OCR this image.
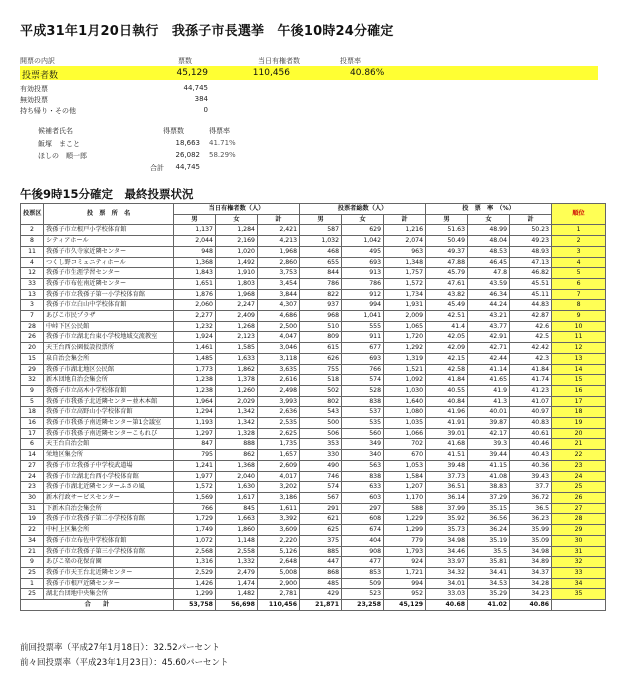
平成31年1月20日執行　我孫子市長選挙　午後10時24分確定
開票の内訳	票数	当日有権者数	投票率
投票者数	45,129	110,456	40.86%
有効投票	44,745
無効投票	384
持ち帰り・その他	0
候補者氏名	得票数	得票率
飯塚　まこと	18,663 41.71%
ほしの　順一郎	26,082 58.29%
合計	44,745
午後9時15分確定　最終投票状況
投票区	投　票　所　名	当日有権者数（人）			投票者総数（人）			投　票　率　（%）			順位
		男	女	計	男	女	計	男	女	計	
2	我孫子市立根戸小学校体育館	1,137	1,284	2,421	587	629	1,216	51.63	48.99	50.23	1
8	シティアホール	2,044	2,169	4,213	1,032	1,042	2,074	50.49	48.04	49.23	2
11	我孫子市久寺家近隣センター	948	1,020	1,968	468	495	963	49.37	48.53	48.93	3
4	つくし野コミュニティホール	1,368	1,492	2,860	655	693	1,348	47.88	46.45	47.13	4
12	我孫子市生涯学習センター	1,843	1,910	3,753	844	913	1,757	45.79	47.8	46.82	5
33	我孫子市布佐南近隣センター	1,651	1,803	3,454	786	786	1,572	47.61	43.59	45.51	6
13	我孫子市立我孫子第一小学校体育館	1,876	1,968	3,844	822	912	1,734	43.82	46.34	45.11	7
3	我孫子市立白山中学校体育館	2,060	2,247	4,307	937	994	1,931	45.49	44.24	44.83	8
7	あびこ市民プラザ	2,277	2,409	4,686	968	1,041	2,009	42.51	43.21	42.87	9
28	中峠下区公民館	1,232	1,268	2,500	510	555	1,065	41.4	43.77	42.6	10
26	我孫子市立湖北台東小学校地域交流教室	1,924	2,123	4,047	809	911	1,720	42.05	42.91	42.5	11
20	天王台西公園仮設投票所	1,461	1,585	3,046	615	677	1,292	42.09	42.71	42.42	12
15	泉自治会集会所	1,485	1,633	3,118	626	693	1,319	42.15	42.44	42.3	13
29	我孫子市湖北地区公民館	1,773	1,862	3,635	755	766	1,521	42.58	41.14	41.84	14
32	新木団地自治会集会所	1,238	1,378	2,616	518	574	1,092	41.84	41.65	41.74	15
9	我孫子市立高木小学校体育館	1,238	1,260	2,498	502	528	1,030	40.55	41.9	41.23	16
5	我孫子市我孫子北近隣センター並木本館	1,964	2,029	3,993	802	838	1,640	40.84	41.3	41.07	17
18	我孫子市立高野山小学校体育館	1,294	1,342	2,636	543	537	1,080	41.96	40.01	40.97	18
16	我孫子市我孫子南近隣センター第1会議室	1,193	1,342	2,535	500	535	1,035	41.91	39.87	40.83	19
17	我孫子市我孫子南近隣センターこもれび	1,297	1,328	2,625	506	560	1,066	39.01	42.17	40.61	20
6	天王台自治会館	847	888	1,735	353	349	702	41.68	39.3	40.46	21
14	栄地区集会所	795	862	1,657	330	340	670	41.51	39.44	40.43	22
27	我孫子市立我孫子中学校武道場	1,241	1,368	2,609	490	563	1,053	39.48	41.15	40.36	23
24	我孫子市立湖北台西小学校体育館	1,977	2,040	4,017	746	838	1,584	37.73	41.08	39.43	24
23	我孫子市湖北近隣センターふさの風	1,572	1,630	3,202	574	633	1,207	36.51	38.83	37.7	25
30	新木行政サービスセンター	1,569	1,617	3,186	567	603	1,170	36.14	37.29	36.72	26
31	下新木自治会集会所	766	845	1,611	291	297	588	37.99	35.15	36.5	27
19	我孫子市立我孫子第二小学校体育館	1,729	1,663	3,392	621	608	1,229	35.92	36.56	36.23	28
22	中村上区集会所	1,749	1,860	3,609	625	674	1,299	35.73	36.24	35.99	29
34	我孫子市立布佐中学校体育館	1,072	1,148	2,220	375	404	779	34.98	35.19	35.09	30
21	我孫子市立我孫子第三小学校体育館	2,568	2,558	5,126	885	908	1,793	34.46	35.5	34.98	31
9	あびこ楽の花保育園	1,316	1,332	2,648	447	477	924	33.97	35.81	34.89	32
25	我孫子市天王台北近隣センター	2,529	2,479	5,008	868	853	1,721	34.32	34.41	34.37	33
1	我孫子市根戸近隣センター	1,426	1,474	2,900	485	509	994	34.01	34.53	34.28	34
25	湖北台団地中央集会所	1,299	1,482	2,781	429	523	952	33.03	35.29	34.23	35
合　　計		53,758	56,698	110,456	21,871	23,258	45,129	40.68	41.02	40.86	
前回投票率（平成27年1月18日）：32.52パーセント
前々回投票率（平成23年1月23日）：45.60パーセント
